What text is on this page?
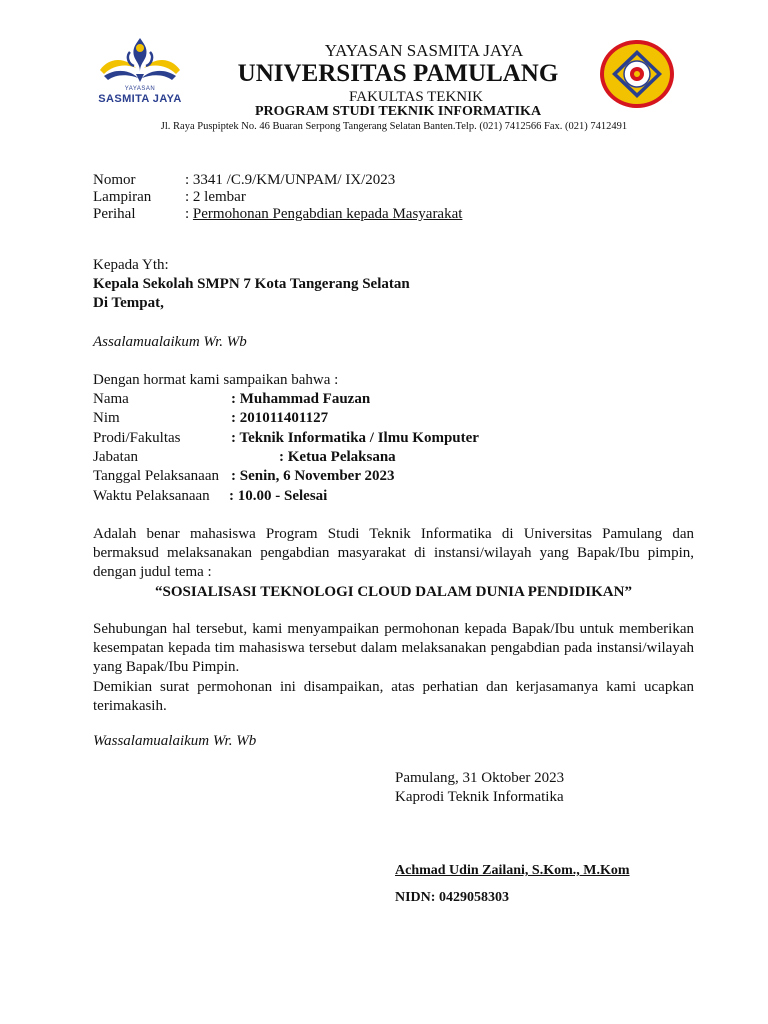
YAYASAN
SASMITA JAYA
YAYASAN SASMITA JAYA
UNIVERSITAS PAMULANG
FAKULTAS TEKNIK
PROGRAM STUDI TEKNIK INFORMATIKA
Jl. Raya Puspiptek No. 46 Buaran Serpong Tangerang Selatan Banten.Telp. (021) 7412566 Fax. (021) 7412491
Nomor	: 3341 /C.9/KM/UNPAM/ IX/2023
Lampiran : 2 lembar
Perihal	: Permohonan Pengabdian kepada Masyarakat
Kepada Yth:
Kepala Sekolah SMPN 7 Kota Tangerang Selatan
Di Tempat,
Assalamualaikum Wr. Wb
Dengan hormat kami sampaikan bahwa :
Nama	: Muhammad Fauzan
Nim	: 201011401127
Prodi/Fakultas	: Teknik Informatika / Ilmu Komputer
Jabatan	: Ketua Pelaksana
Tanggal Pelaksanaan : Senin, 6 November 2023
Waktu Pelaksanaan : 10.00 - Selesai
Adalah benar mahasiswa Program Studi Teknik Informatika di Universitas Pamulang dan bermaksud melaksanakan pengabdian masyarakat di instansi/wilayah yang Bapak/Ibu pimpin, dengan judul tema :
“SOSIALISASI TEKNOLOGI CLOUD DALAM DUNIA PENDIDIKAN”
Sehubungan hal tersebut, kami menyampaikan permohonan kepada Bapak/Ibu untuk memberikan kesempatan kepada tim mahasiswa tersebut dalam melaksanakan pengabdian pada instansi/wilayah yang Bapak/Ibu Pimpin.
Demikian surat permohonan ini disampaikan, atas perhatian dan kerjasamanya kami ucapkan terimakasih.
Wassalamualaikum Wr. Wb
Pamulang, 31 Oktober 2023
Kaprodi Teknik Informatika
Achmad Udin Zailani, S.Kom., M.Kom
NIDN: 0429058303
